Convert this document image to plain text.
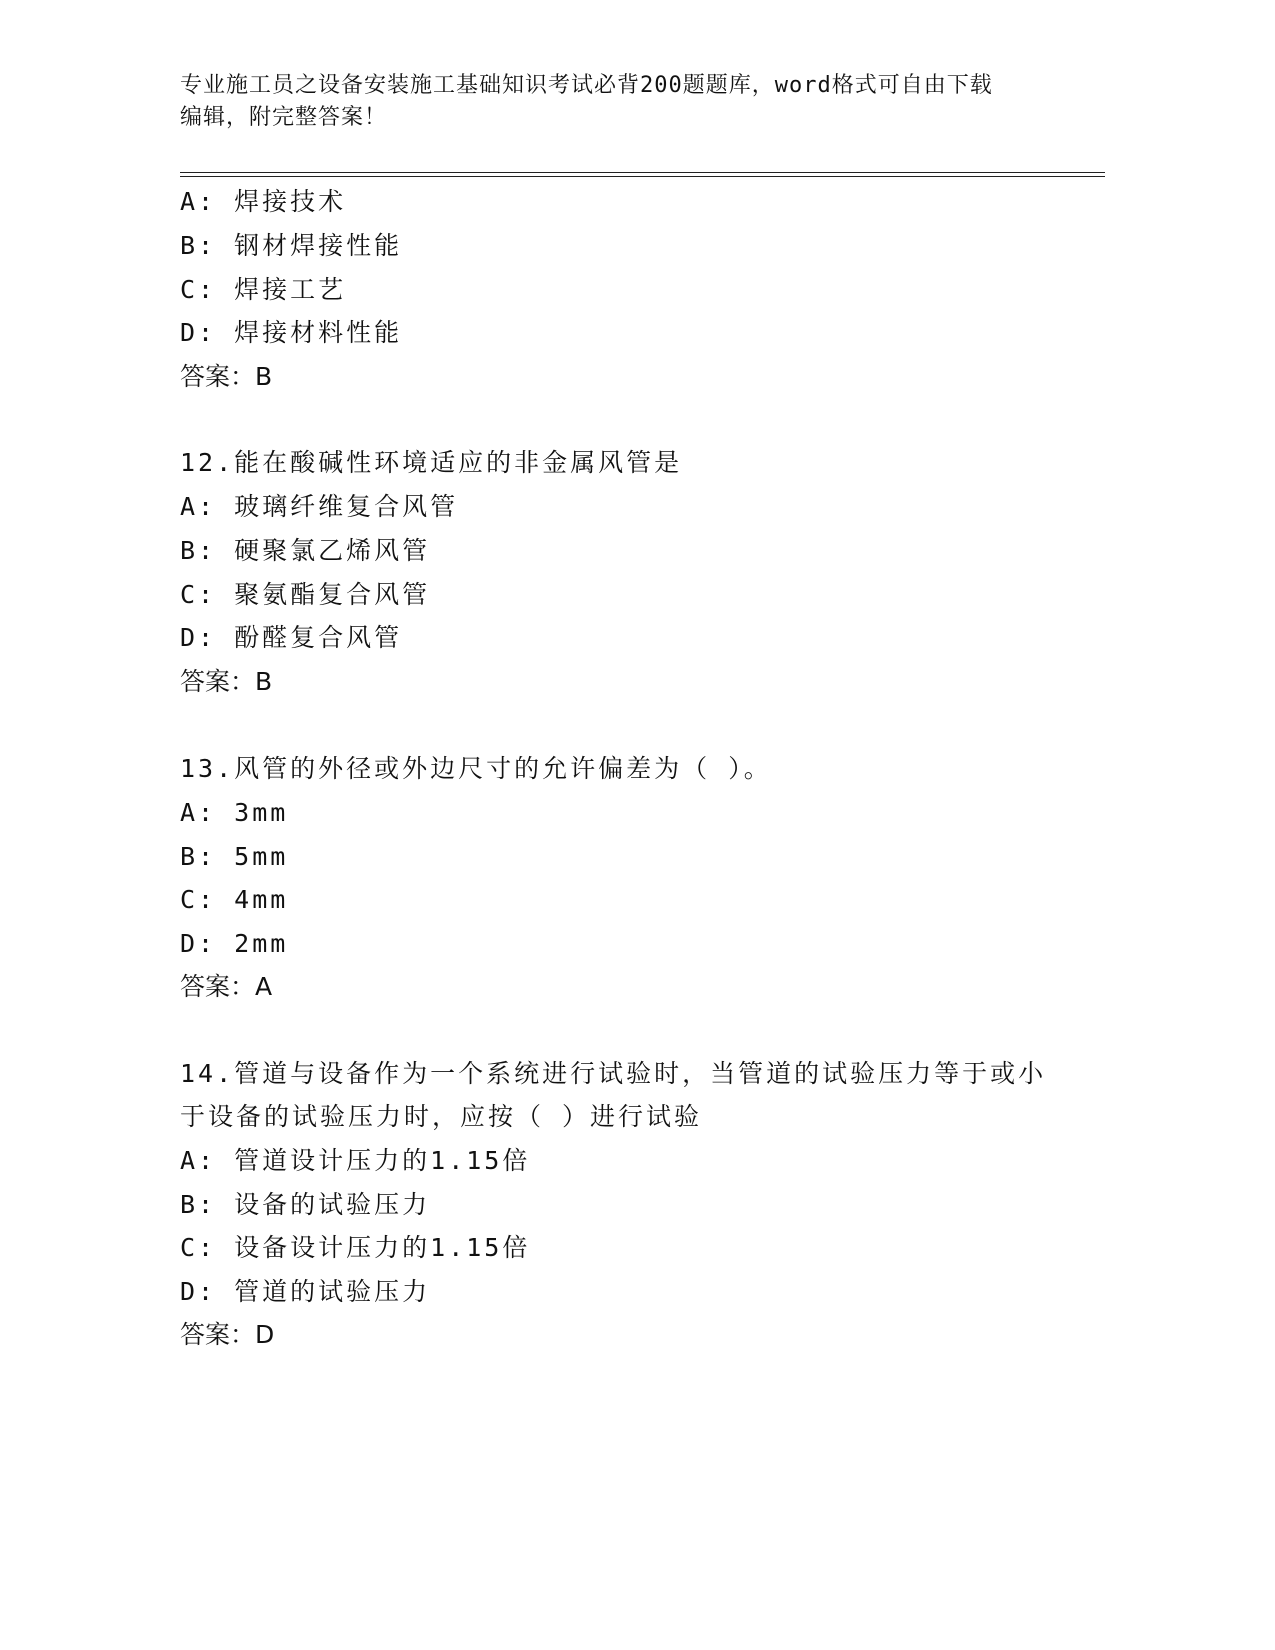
专业施工员之设备安装施工基础知识考试必背200题题库，word格式可自由下载
编辑，附完整答案！
A: 焊接技术
B: 钢材焊接性能
C: 焊接工艺
D: 焊接材料性能
答案：B
12.能在酸碱性环境适应的非金属风管是
A: 玻璃纤维复合风管
B: 硬聚氯乙烯风管
C: 聚氨酯复合风管
D: 酚醛复合风管
答案：B
13.风管的外径或外边尺寸的允许偏差为（ ）。
A: 3mm
B: 5mm
C: 4mm
D: 2mm
答案：A
14.管道与设备作为一个系统进行试验时，当管道的试验压力等于或小
于设备的试验压力时，应按（ ）进行试验
A: 管道设计压力的1.15倍
B: 设备的试验压力
C: 设备设计压力的1.15倍
D: 管道的试验压力
答案：D
